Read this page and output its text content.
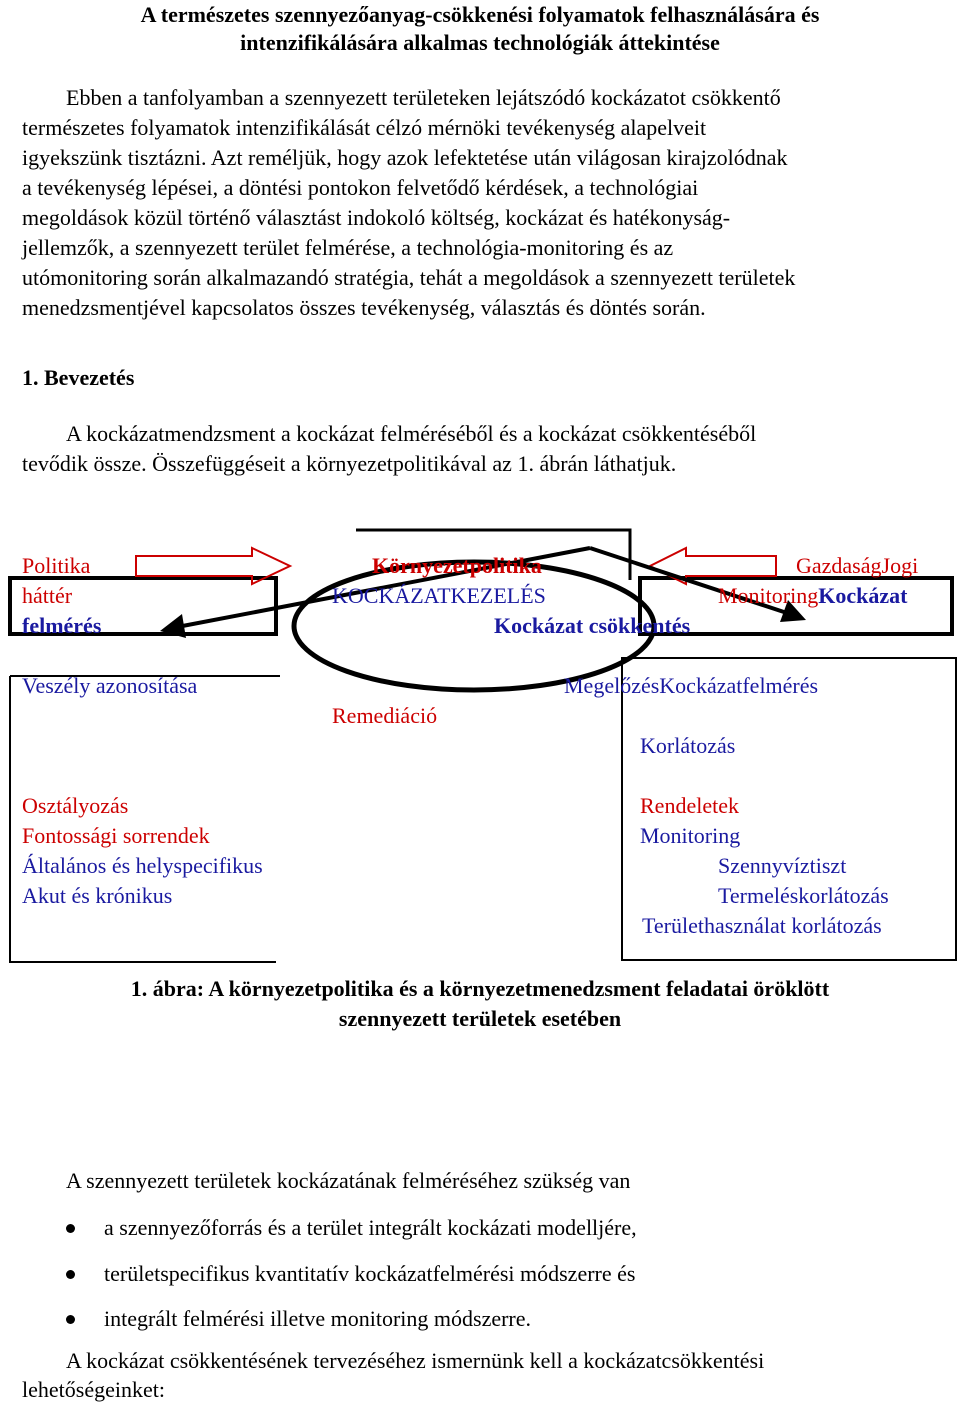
A természetes szennyezőanyag-csökkenési folyamatok felhasználására és
intenzifikálására alkalmas technológiák áttekintése
Ebben a tanfolyamban a szennyezett területeken lejátszódó kockázatot csökkentő
természetes folyamatok intenzifikálását célzó mérnöki tevékenység alapelveit
igyekszünk tisztázni. Azt reméljük, hogy azok lefektetése után világosan kirajzolódnak
a tevékenység lépései, a döntési pontokon felvetődő kérdések, a technológiai
megoldások közül történő választást indokoló költség, kockázat és hatékonyság-
jellemzők, a szennyezett terület felmérése, a technológia-monitoring és az
utómonitoring során alkalmazandó stratégia, tehát a megoldások a szennyezett területek
menedzsmentjével kapcsolatos összes tevékenység, választás és döntés során.
1. Bevezetés
A kockázatmendzsment a kockázat felméréséből és a kockázat csökkentéséből
tevődik össze. Összefüggéseit a környezetpolitikával az 1. ábrán láthatjuk.
Politika
háttér
felmérés
Környezetpolitika
KOCKÁZATKEZELÉS
Kockázat csökkentés
GazdaságJogi
MonitoringKockázat
Veszély azonosítása
Remediáció
Osztályozás
Fontossági sorrendek
Általános és helyspecifikus
Akut és krónikus
MegelőzésKockázatfelmérés
Korlátozás
Rendeletek
Monitoring
Szennyvíztiszt
Termeléskorlátozás
Területhasználat korlátozás
1. ábra: A környezetpolitika és a környezetmenedzsment feladatai öröklött
szennyezett területek esetében
A szennyezett területek kockázatának felméréséhez szükség van
a szennyezőforrás és a terület integrált kockázati modelljére,
területspecifikus kvantitatív kockázatfelmérési módszerre és
integrált felmérési illetve monitoring módszerre.
A kockázat csökkentésének tervezéséhez ismernünk kell a kockázatcsökkentési
lehetőségeinket:
